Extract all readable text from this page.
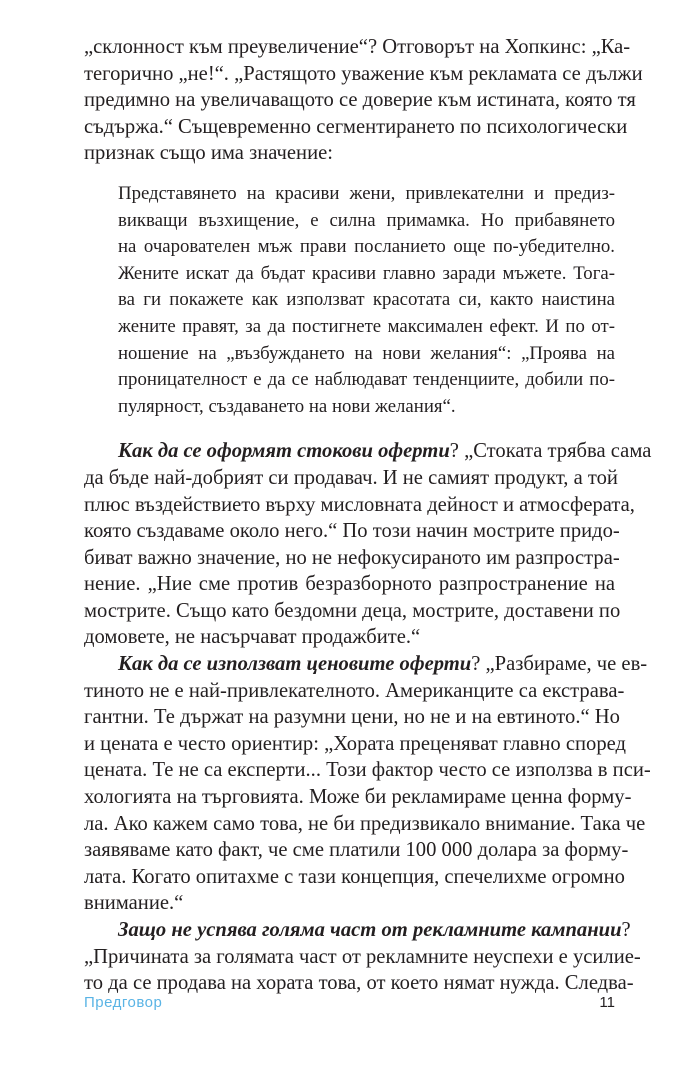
„склонност към преувеличение“? Отговорът на Хопкинс: „Ка-
тегорично „не!“. „Растящото уважение към рекламата се дължи
предимно на увеличаващото се доверие към истината, която тя
съдържа.“ Същевременно сегментирането по психологически
признак също има значение:
Представянето на красиви жени, привлекателни и предиз-
викващи възхищение, е силна примамка. Но прибавянето
на очарователен мъж прави посланието още по-убедително.
Жените искат да бъдат красиви главно заради мъжете. Тога-
ва ги покажете как използват красотата си, както наистина
жените правят, за да постигнете максимален ефект. И по от-
ношение на „възбуждането на нови желания“: „Проява на
проницателност е да се наблюдават тенденциите, добили по-
пулярност, създаването на нови желания“.
Как да се оформят стокови оферти? „Стоката трябва сама
да бъде най-добрият си продавач. И не самият продукт, а той
плюс въздействието върху мисловната дейност и атмосферата,
която създаваме около него.“ По този начин мострите придо-
биват важно значение, но не нефокусираното им разпростра-
нение. „Ние сме против безразборното разпространение на
мострите. Също като бездомни деца, мострите, доставени по
домовете, не насърчават продажбите.“
Как да се използват ценовите оферти? „Разбираме, че ев-
тиното не е най-привлекателното. Американците са екстрава-
гантни. Те държат на разумни цени, но не и на евтиното.“ Но
и цената е често ориентир: „Хората преценяват главно според
цената. Те не са експерти... Този фактор често се използва в пси-
хологията на търговията. Може би рекламираме ценна форму-
ла. Ако кажем само това, не би предизвикало внимание. Така че
заявяваме като факт, че сме платили 100 000 долара за форму-
лата. Когато опитахме с тази концепция, спечелихме огромно
внимание.“
Защо не успява голяма част от рекламните кампании?
„Причината за голямата част от рекламните неуспехи е усилие-
то да се продава на хората това, от което нямат нужда. Следва-
Предговор	11
